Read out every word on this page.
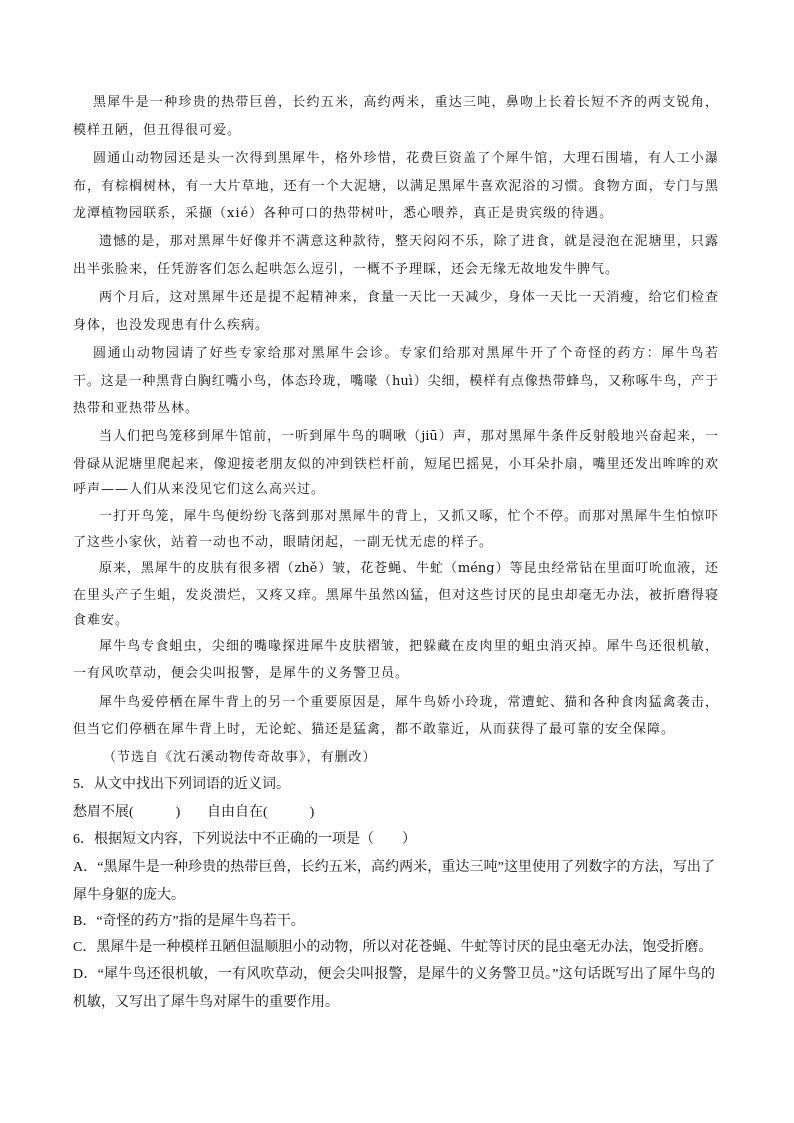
黑犀牛是一种珍贵的热带巨兽，长约五米，高约两米，重达三吨，鼻吻上长着长短不齐的两支锐角，
模样丑陋，但丑得很可爱。
圆通山动物园还是头一次得到黑犀牛，格外珍惜，花费巨资盖了个犀牛馆，大理石围墙，有人工小瀑
布，有棕榈树林，有一大片草地，还有一个大泥塘，以满足黑犀牛喜欢泥浴的习惯。食物方面，专门与黑
龙潭植物园联系，采撷（xié）各种可口的热带树叶，悉心喂养，真正是贵宾级的待遇。
遗憾的是，那对黑犀牛好像并不满意这种款待，整天闷闷不乐，除了进食，就是浸泡在泥塘里，只露
出半张脸来，任凭游客们怎么起哄怎么逗引，一概不予理睬，还会无缘无故地发牛脾气。
两个月后，这对黑犀牛还是提不起精神来，食量一天比一天减少，身体一天比一天消瘦，给它们检查
身体，也没发现患有什么疾病。
圆通山动物园请了好些专家给那对黑犀牛会诊。专家们给那对黑犀牛开了个奇怪的药方：犀牛鸟若
干。这是一种黑背白胸红嘴小鸟，体态玲珑，嘴喙（huì）尖细，模样有点像热带蜂鸟，又称啄牛鸟，产于
热带和亚热带丛林。
当人们把鸟笼移到犀牛馆前，一听到犀牛鸟的啁啾（jiū）声，那对黑犀牛条件反射般地兴奋起来，一
骨碌从泥塘里爬起来，像迎接老朋友似的冲到铁栏杆前，短尾巴摇晃，小耳朵扑扇，嘴里还发出哞哞的欢
呼声——人们从来没见它们这么高兴过。
一打开鸟笼，犀牛鸟便纷纷飞落到那对黑犀牛的背上，又抓又啄，忙个不停。而那对黑犀牛生怕惊吓
了这些小家伙，站着一动也不动，眼睛闭起，一副无忧无虑的样子。
原来，黑犀牛的皮肤有很多褶（zhě）皱，花苍蝇、牛虻（méng）等昆虫经常钻在里面叮吮血液，还
在里头产子生蛆，发炎溃烂，又疼又痒。黑犀牛虽然凶猛，但对这些讨厌的昆虫却毫无办法，被折磨得寝
食难安。
犀牛鸟专食蛆虫，尖细的嘴喙探进犀牛皮肤褶皱，把躲藏在皮肉里的蛆虫消灭掉。犀牛鸟还很机敏，
一有风吹草动，便会尖叫报警，是犀牛的义务警卫员。
犀牛鸟爱停栖在犀牛背上的另一个重要原因是，犀牛鸟娇小玲珑，常遭蛇、猫和各种食肉猛禽袭击，
但当它们停栖在犀牛背上时，无论蛇、猫还是猛禽，都不敢靠近，从而获得了最可靠的安全保障。
（节选自《沈石溪动物传奇故事》，有删改）
5．从文中找出下列词语的近义词。
愁眉不展(	) 自由自在(	)
6．根据短文内容，下列说法中不正确的一项是（　　）
A．“黑犀牛是一种珍贵的热带巨兽，长约五米，高约两米，重达三吨”这里使用了列数字的方法，写出了
犀牛身躯的庞大。
B．“奇怪的药方”指的是犀牛鸟若干。
C．黑犀牛是一种模样丑陋但温顺胆小的动物，所以对花苍蝇、牛虻等讨厌的昆虫毫无办法，饱受折磨。
D．“犀牛鸟还很机敏，一有风吹草动，便会尖叫报警，是犀牛的义务警卫员。”这句话既写出了犀牛鸟的
机敏，又写出了犀牛鸟对犀牛的重要作用。
